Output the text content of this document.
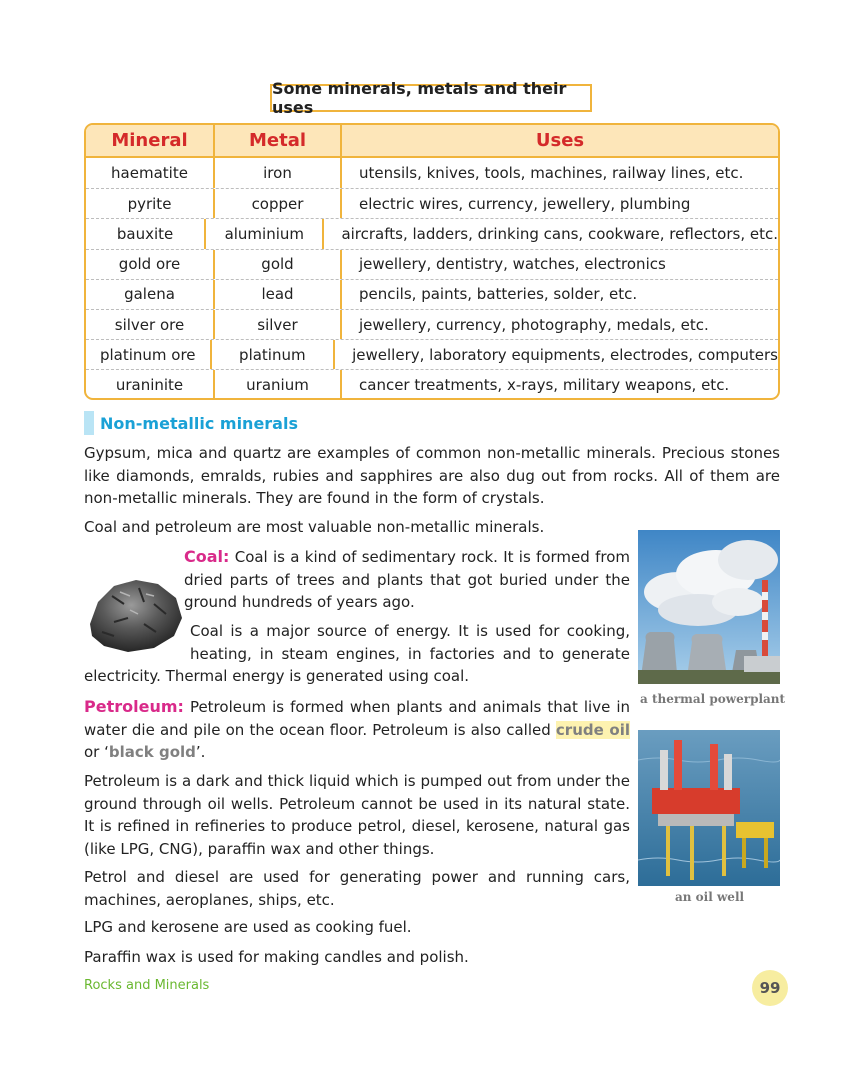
Some minerals, metals and their uses
Mineral	Metal	Uses
haematite	iron	utensils, knives, tools, machines, railway lines, etc.
pyrite	copper	electric wires, currency, jewellery, plumbing
bauxite	aluminium	aircrafts, ladders, drinking cans, cookware, reflectors, etc.
gold ore	gold	jewellery, dentistry, watches, electronics
galena	lead	pencils, paints, batteries, solder, etc.
silver ore	silver	jewellery, currency, photography, medals, etc.
platinum ore	platinum	jewellery, laboratory equipments, electrodes, computers
uraninite	uranium	cancer treatments, x-rays, military weapons, etc.
Non-metallic minerals
Gypsum, mica and quartz are examples of common non-metallic minerals. Precious stones like diamonds, emralds, rubies and sapphires are also dug out from rocks. All of them are non-metallic minerals. They are found in the form of crystals.
Coal and petroleum are most valuable non-metallic minerals.
Coal: Coal is a kind of sedimentary rock. It is formed from dried parts of trees and plants that got buried under the ground hundreds of years ago.
Coal is a major source of energy. It is used for cooking, heating, in steam engines, in factories and to generate electricity. Thermal energy is generated using coal.
a thermal powerplant
Petroleum: Petroleum is formed when plants and animals that live in water die and pile on the ocean floor. Petroleum is also called crude oil or ‘black gold’.
an oil well
Petroleum is a dark and thick liquid which is pumped out from under the ground through oil wells. Petroleum cannot be used in its natural state. It is refined in refineries to produce petrol, diesel, kerosene, natural gas (like LPG, CNG), paraffin wax and other things.
Petrol and diesel are used for generating power and running cars, machines, aeroplanes, ships, etc.
LPG and kerosene are used as cooking fuel.
Paraffin wax is used for making candles and polish.
Rocks and Minerals	99
